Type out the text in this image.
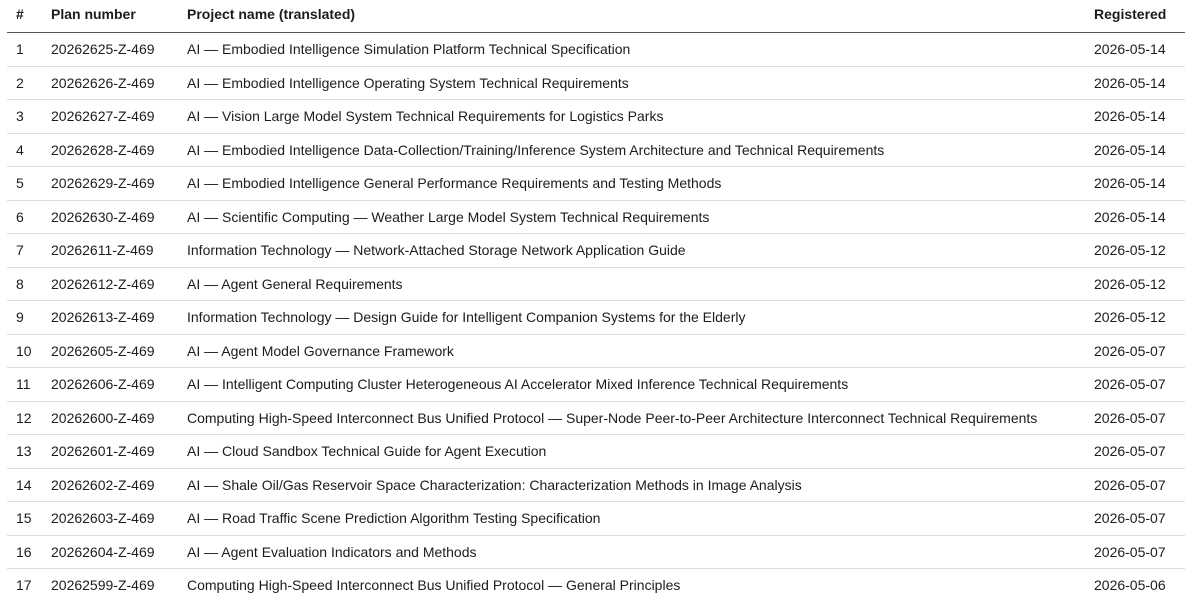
#	Plan number	Project name (translated)	Registered
1	20262625-Z-469	AI — Embodied Intelligence Simulation Platform Technical Specification	2026-05-14
2	20262626-Z-469	AI — Embodied Intelligence Operating System Technical Requirements	2026-05-14
3	20262627-Z-469	AI — Vision Large Model System Technical Requirements for Logistics Parks	2026-05-14
4	20262628-Z-469	AI — Embodied Intelligence Data-Collection/Training/Inference System Architecture and Technical Requirements	2026-05-14
5	20262629-Z-469	AI — Embodied Intelligence General Performance Requirements and Testing Methods	2026-05-14
6	20262630-Z-469	AI — Scientific Computing — Weather Large Model System Technical Requirements	2026-05-14
7	20262611-Z-469	Information Technology — Network-Attached Storage Network Application Guide	2026-05-12
8	20262612-Z-469	AI — Agent General Requirements	2026-05-12
9	20262613-Z-469	Information Technology — Design Guide for Intelligent Companion Systems for the Elderly	2026-05-12
10	20262605-Z-469	AI — Agent Model Governance Framework	2026-05-07
11	20262606-Z-469	AI — Intelligent Computing Cluster Heterogeneous AI Accelerator Mixed Inference Technical Requirements	2026-05-07
12	20262600-Z-469	Computing High-Speed Interconnect Bus Unified Protocol — Super-Node Peer-to-Peer Architecture Interconnect Technical Requirements	2026-05-07
13	20262601-Z-469	AI — Cloud Sandbox Technical Guide for Agent Execution	2026-05-07
14	20262602-Z-469	AI — Shale Oil/Gas Reservoir Space Characterization: Characterization Methods in Image Analysis	2026-05-07
15	20262603-Z-469	AI — Road Traffic Scene Prediction Algorithm Testing Specification	2026-05-07
16	20262604-Z-469	AI — Agent Evaluation Indicators and Methods	2026-05-07
17	20262599-Z-469	Computing High-Speed Interconnect Bus Unified Protocol — General Principles	2026-05-06
